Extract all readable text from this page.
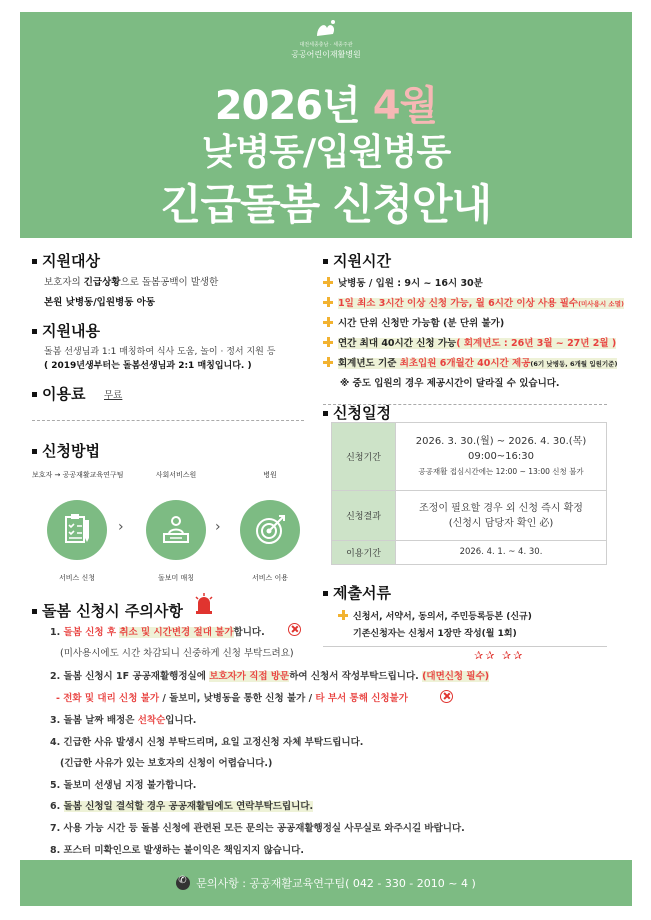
대전세종충남 · 세종주관
공공어린이재활병원
2026년 4월
낮병동/입원병동
긴급돌봄 신청안내
지원대상
보호자의 긴급상황으로 돌봄공백이 발생한
본원 낮병동/입원병동 아동
지원내용
돌봄 선생님과 1:1 매칭하여 식사 도움, 놀이 · 정서 지원 등
( 2019년생부터는 돌봄선생님과 2:1 매칭입니다. )
이용료 무료
신청방법
보호자 → 공공재활교육연구팀	사회서비스원	병원
›	›
서비스 신청	돌보미 매칭	서비스 이용
지원시간
낮병동 / 입원 : 9시 ~ 16시 30분
1일 최소 3시간 이상 신청 가능, 월 6시간 이상 사용 필수(미사용시 소멸)
시간 단위 신청만 가능함 (분 단위 불가)
연간 최대 40시간 신청 가능( 회계년도 : 26년 3월 ~ 27년 2월 )
회계년도 기준 최초입원 6개월간 40시간 제공(6기 낮병동, 6개월 입원기준)
※ 중도 입원의 경우 제공시간이 달라질 수 있습니다.
신청일정
신청기간	2026. 3. 30.(월) ~ 2026. 4. 30.(목)
09:00~16:30
공공재활 접심시간에는 12:00 ~ 13:00 신청 불가

신청결과	조정이 필요할 경우 외 신청 즉시 확정
(신청시 담당자 확인 必)

이용기간	2026. 4. 1. ~ 4. 30.
제출서류
신청서, 서약서, 동의서, 주민등록등본 (신규)
기존신청자는 신청서 1장만 작성(월 1회)
돌봄 신청시 주의사항
1. 돌봄 신청 후 취소 및 시간변경 절대 불가합니다.
(미사용시에도 시간 차감되니 신중하게 신청 부탁드려요)
2. 돌봄 신청시 1F 공공재활행정실에 보호자가 직접 방문하여 신청서 작성부탁드립니다. (대면신청 필수)
✰✰ ✰✰
- 전화 및 대리 신청 불가 / 돌보미, 낮병동을 통한 신청 불가 / 타 부서 통해 신청불가
3. 돌봄 날짜 배정은 선착순입니다.
4. 긴급한 사유 발생시 신청 부탁드리며, 요일 고정신청 자체 부탁드립니다.
(긴급한 사유가 있는 보호자의 신청이 어렵습니다.)
5. 돌보미 선생님 지정 불가합니다.
6. 돌봄 신청일 결석할 경우 공공재활팀에도 연락부탁드립니다.
7. 사용 가능 시간 등 돌봄 신청에 관련된 모든 문의는 공공재활행정실 사무실로 와주시길 바랍니다.
8. 포스터 미확인으로 발생하는 불이익은 책임지지 않습니다.
✆문의사항 : 공공재활교육연구팀( 042 - 330 - 2010 ~ 4 )
